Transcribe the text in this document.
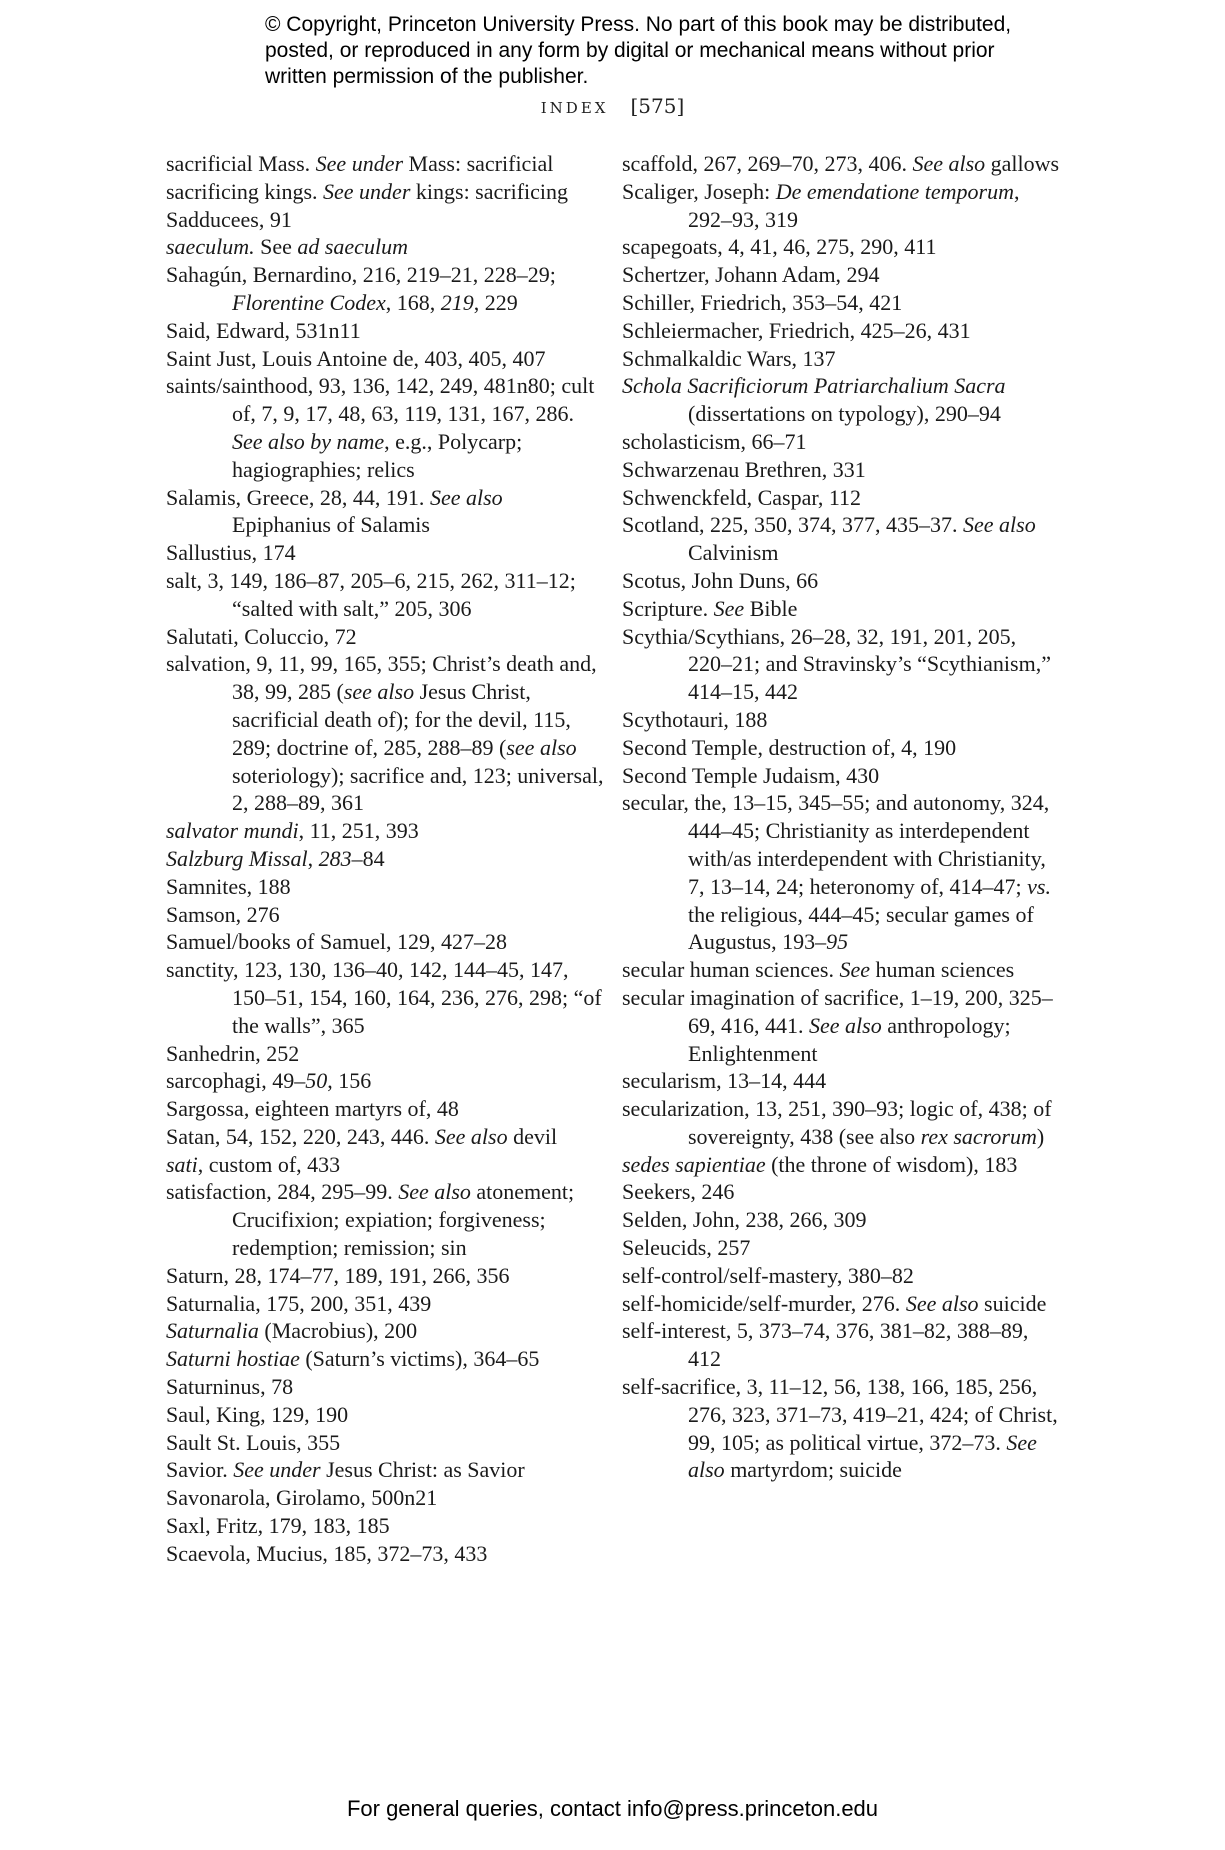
© Copyright, Princeton University Press. No part of this book may be distributed, posted, or reproduced in any form by digital or mechanical means without prior written permission of the publisher.
INDEX [575]

sacrificial Mass. See under Mass: sacrificial

sacrificing kings. See under kings: sacrificing

Sadducees, 91

saeculum. See ad saeculum

Sahagún, Bernardino, 216, 219–21, 228–29; Florentine Codex, 168, 219, 229

Said, Edward, 531n11

Saint Just, Louis Antoine de, 403, 405, 407

saints/sainthood, 93, 136, 142, 249, 481n80; cult of, 7, 9, 17, 48, 63, 119, 131, 167, 286. See also by name, e.g., Polycarp; hagiographies; relics

Salamis, Greece, 28, 44, 191. See also Epiphanius of Salamis

Sallustius, 174

salt, 3, 149, 186–87, 205–6, 215, 262, 311–12; “salted with salt,” 205, 306

Salutati, Coluccio, 72

salvation, 9, 11, 99, 165, 355; Christ’s death and, 38, 99, 285 (see also Jesus Christ, sacrificial death of); for the devil, 115, 289; doctrine of, 285, 288–89 (see also soteriology); sacrifice and, 123; universal, 2, 288–89, 361

salvator mundi, 11, 251, 393

Salzburg Missal, 283–84

Samnites, 188

Samson, 276

Samuel/books of Samuel, 129, 427–28

sanctity, 123, 130, 136–40, 142, 144–45, 147, 150–51, 154, 160, 164, 236, 276, 298; “of the walls”, 365

Sanhedrin, 252

sarcophagi, 49–50, 156

Sargossa, eighteen martyrs of, 48

Satan, 54, 152, 220, 243, 446. See also devil

sati, custom of, 433

satisfaction, 284, 295–99. See also atonement; Crucifixion; expiation; forgiveness; redemption; remission; sin

Saturn, 28, 174–77, 189, 191, 266, 356

Saturnalia, 175, 200, 351, 439

Saturnalia (Macrobius), 200

Saturni hostiae (Saturn’s victims), 364–65

Saturninus, 78

Saul, King, 129, 190

Sault St. Louis, 355

Savior. See under Jesus Christ: as Savior

Savonarola, Girolamo, 500n21

Saxl, Fritz, 179, 183, 185

Scaevola, Mucius, 185, 372–73, 433

scaffold, 267, 269–70, 273, 406. See also gallows

Scaliger, Joseph: De emendatione temporum, 292–93, 319

scapegoats, 4, 41, 46, 275, 290, 411

Schertzer, Johann Adam, 294

Schiller, Friedrich, 353–54, 421

Schleiermacher, Friedrich, 425–26, 431

Schmalkaldic Wars, 137

Schola Sacrificiorum Patriarchalium Sacra (dissertations on typology), 290–94

scholasticism, 66–71

Schwarzenau Brethren, 331

Schwenckfeld, Caspar, 112

Scotland, 225, 350, 374, 377, 435–37. See also Calvinism

Scotus, John Duns, 66

Scripture. See Bible

Scythia/Scythians, 26–28, 32, 191, 201, 205, 220–21; and Stravinsky’s “Scythianism,” 414–15, 442

Scythotauri, 188

Second Temple, destruction of, 4, 190

Second Temple Judaism, 430

secular, the, 13–15, 345–55; and autonomy, 324, 444–45; Christianity as interdependent with/as interdependent with Christianity, 7, 13–14, 24; heteronomy of, 414–47; vs. the religious, 444–45; secular games of Augustus, 193–95

secular human sciences. See human sciences

secular imagination of sacrifice, 1–19, 200, 325–69, 416, 441. See also anthropology; Enlightenment

secularism, 13–14, 444

secularization, 13, 251, 390–93; logic of, 438; of sovereignty, 438 (see also rex sacrorum)

sedes sapientiae (the throne of wisdom), 183

Seekers, 246

Selden, John, 238, 266, 309

Seleucids, 257

self-control/self-mastery, 380–82

self-homicide/self-murder, 276. See also suicide

self-interest, 5, 373–74, 376, 381–82, 388–89, 412

self-sacrifice, 3, 11–12, 56, 138, 166, 185, 256, 276, 323, 371–73, 419–21, 424; of Christ, 99, 105; as political virtue, 372–73. See also martyrdom; suicide

For general queries, contact info@press.princeton.edu
